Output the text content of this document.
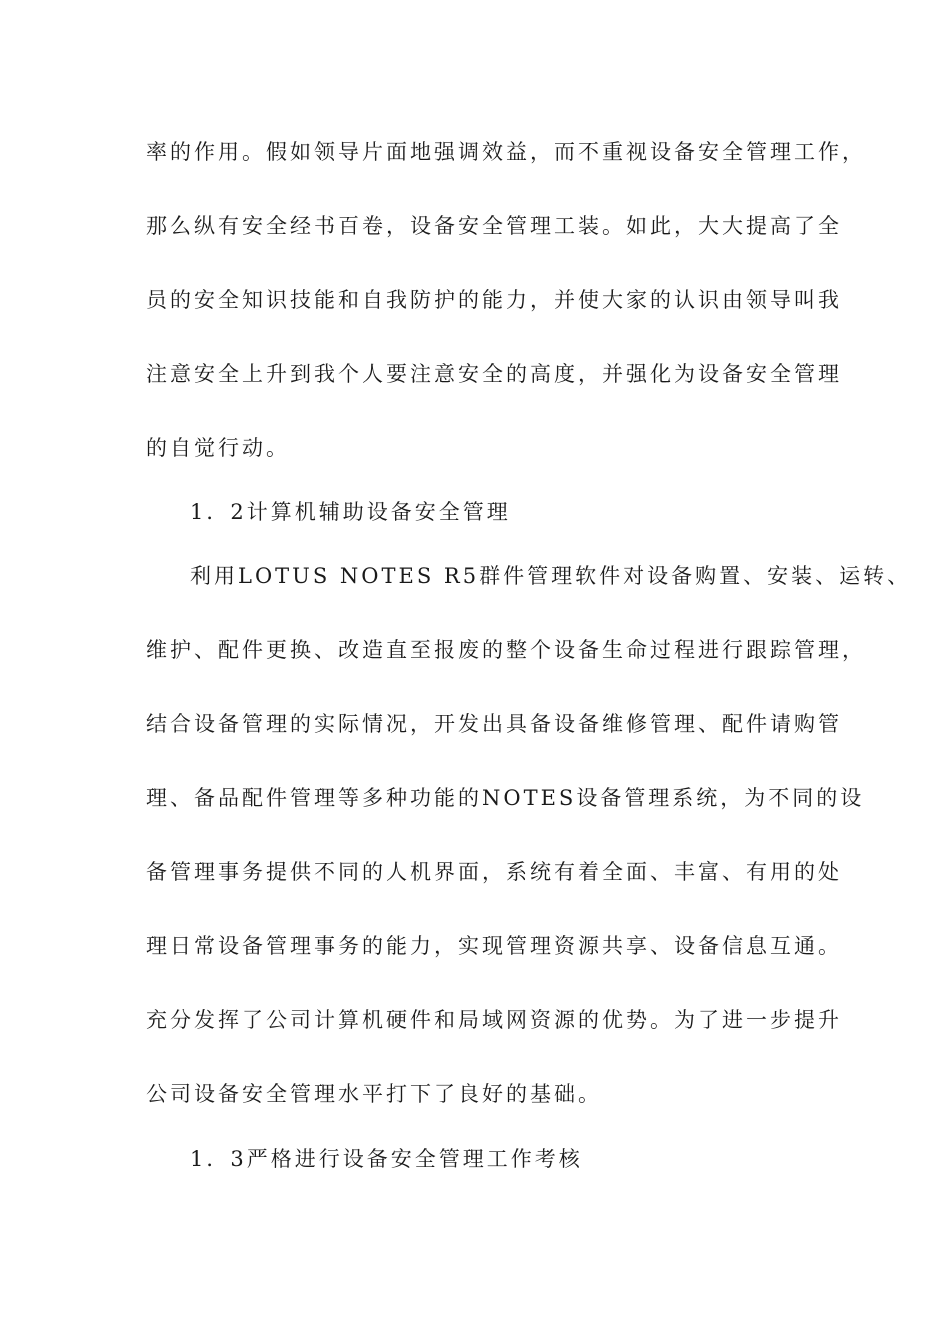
率的作用。假如领导片面地强调效益，而不重视设备安全管理工作，
那么纵有安全经书百卷，设备安全管理工装。如此，大大提高了全
员的安全知识技能和自我防护的能力，并使大家的认识由领导叫我
注意安全上升到我个人要注意安全的高度，并强化为设备安全管理
的自觉行动。
1．2计算机辅助设备安全管理
利用LOTUS NOTES R5群件管理软件对设备购置、安装、运转、
维护、配件更换、改造直至报废的整个设备生命过程进行跟踪管理，
结合设备管理的实际情况，开发出具备设备维修管理、配件请购管
理、备品配件管理等多种功能的NOTES设备管理系统，为不同的设
备管理事务提供不同的人机界面，系统有着全面、丰富、有用的处
理日常设备管理事务的能力，实现管理资源共享、设备信息互通。
充分发挥了公司计算机硬件和局域网资源的优势。为了进一步提升
公司设备安全管理水平打下了良好的基础。
1．3严格进行设备安全管理工作考核
